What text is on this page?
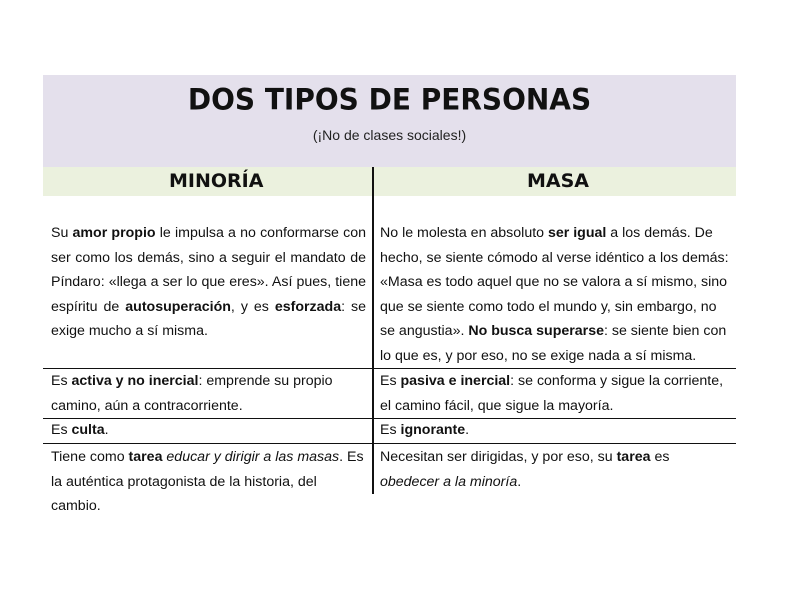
DOS TIPOS DE PERSONAS
(¡No de clases sociales!)
MINORÍA	MASA
Su amor propio le impulsa a no conformarse con ser como los demás, sino a seguir el mandato de Píndaro: «llega a ser lo que eres». Así pues, tiene espíritu de autosuperación, y es esforzada: se exige mucho a sí misma.
No le molesta en absoluto ser igual a los demás. De hecho, se siente cómodo al verse idéntico a los demás: «Masa es todo aquel que no se valora a sí mismo, sino que se siente como todo el mundo y, sin embargo, no se angustia». No busca superarse: se siente bien con lo que es, y por eso, no se exige nada a sí misma.
Es activa y no inercial: emprende su propio camino, aún a contracorriente.
Es pasiva e inercial: se conforma y sigue la corriente, el camino fácil, que sigue la mayoría.
Es culta.	Es ignorante.
Tiene como tarea educar y dirigir a las masas. Es la auténtica protagonista de la historia, del cambio.
Necesitan ser dirigidas, y por eso, su tarea es obedecer a la minoría.
